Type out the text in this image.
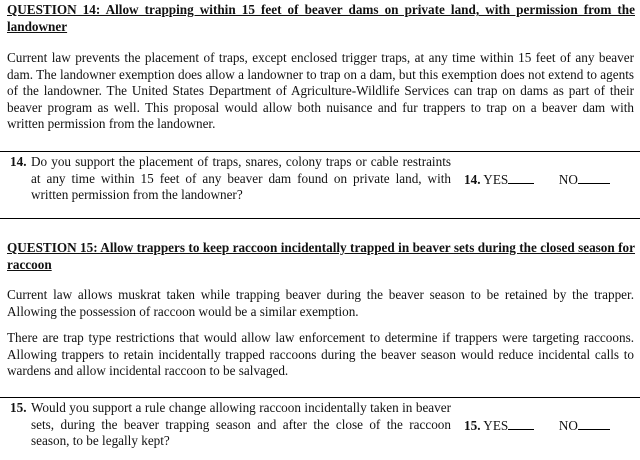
QUESTION 14: Allow trapping within 15 feet of beaver dams on private land, with permission from the landowner
Current law prevents the placement of traps, except enclosed trigger traps, at any time within 15 feet of any beaver dam. The landowner exemption does allow a landowner to trap on a dam, but this exemption does not extend to agents of the landowner. The United States Department of Agriculture-Wildlife Services can trap on dams as part of their beaver program as well. This proposal would allow both nuisance and fur trappers to trap on a beaver dam with written permission from the landowner.
14. Do you support the placement of traps, snares, colony traps or cable restraints at any time within 15 feet of any beaver dam found on private land, with written permission from the landowner?
14. YES	NO
QUESTION 15: Allow trappers to keep raccoon incidentally trapped in beaver sets during the closed season for raccoon
Current law allows muskrat taken while trapping beaver during the beaver season to be retained by the trapper. Allowing the possession of raccoon would be a similar exemption.
There are trap type restrictions that would allow law enforcement to determine if trappers were targeting raccoons. Allowing trappers to retain incidentally trapped raccoons during the beaver season would reduce incidental calls to wardens and allow incidental raccoon to be salvaged.
15. Would you support a rule change allowing raccoon incidentally taken in beaver sets, during the beaver trapping season and after the close of the raccoon season, to be legally kept?
15. YES	NO
